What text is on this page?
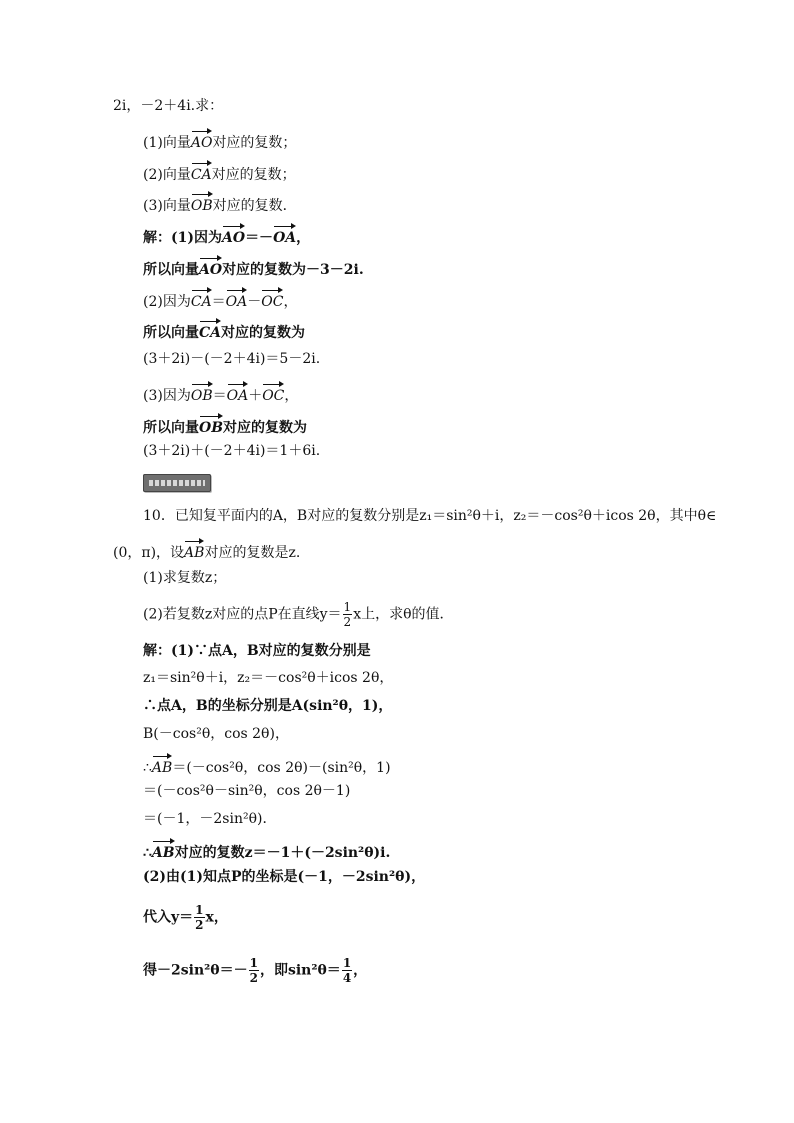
2i，－2＋4i.求：
(1)向量AO对应的复数；
(2)向量CA对应的复数；
(3)向量OB对应的复数．
解：(1)因为AO＝－OA，
所以向量AO对应的复数为－3－2i.
(2)因为CA＝OA－OC，
所以向量CA对应的复数为
(3＋2i)－(－2＋4i)＝5－2i.
(3)因为OB＝OA＋OC，
所以向量OB对应的复数为
(3＋2i)＋(－2＋4i)＝1＋6i.
10．已知复平面内的A，B对应的复数分别是z₁＝sin²θ＋i，z₂＝－cos²θ＋icos 2θ，其中θ∈
(0，π)，设AB对应的复数是z.
(1)求复数z；
(2)若复数z对应的点P在直线$y= \frac{1}{2}$ x上，求θ的值．
解：(1)∵点A，B对应的复数分别是
z₁＝sin²θ＋i，z₂＝－cos²θ＋icos 2θ，
∴点A，B的坐标分别是A(sin²θ，1)，
B(－cos²θ，cos 2θ)，
∴AB＝(－cos²θ，cos 2θ)－(sin²θ，1)
＝(－cos²θ－sin²θ，cos 2θ－1)
＝(－1，－2sin²θ)．
∴AB对应的复数z＝－1＋(－2sin²θ)i.
(2)由(1)知点P的坐标是(－1，－2sin²θ)，
代入$y= \frac{1}{2}$ x，
得$-2\sin^2\theta=- \frac{1}{2}$ ，即$\sin^2\theta= \frac{1}{4}$ ，
